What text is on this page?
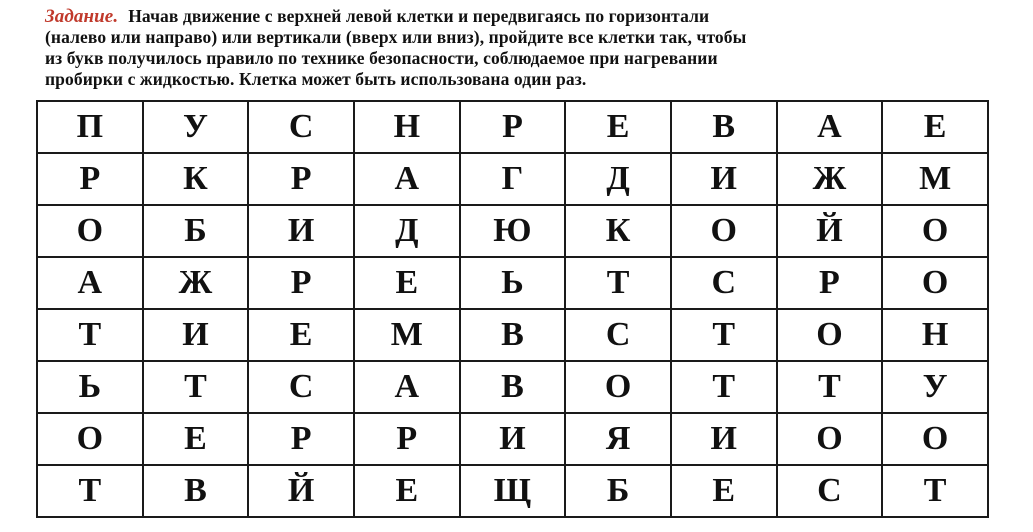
Задание. Начав движение с верхней левой клетки и передвигаясь по горизонтали
(налево или направо) или вертикали (вверх или вниз), пройдите все клетки так, чтобы
из букв получилось правило по технике безопасности, соблюдаемое при нагревании
пробирки с жидкостью. Клетка может быть использована один раз.
П	У	С	Н	Р	Е	В	А	Е
Р	К	Р	А	Г	Д	И	Ж	М
О	Б	И	Д	Ю	К	О	Й	О
А	Ж	Р	Е	Ь	Т	С	Р	О
Т	И	Е	М	В	С	Т	О	Н
Ь	Т	С	А	В	О	Т	Т	У
О	Е	Р	Р	И	Я	И	О	О
Т	В	Й	Е	Щ	Б	Е	С	Т
